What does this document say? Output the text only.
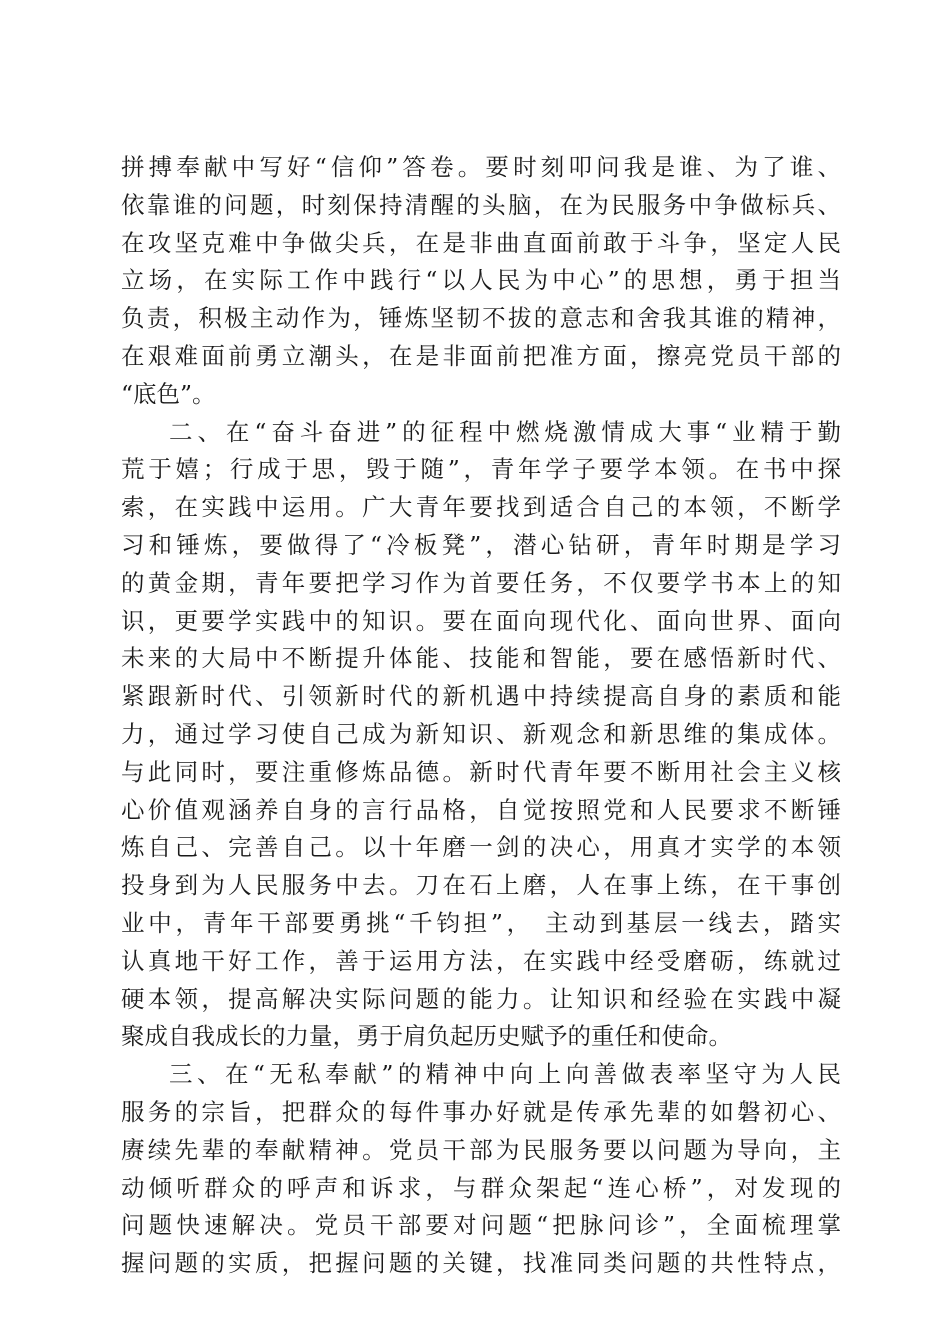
拼搏奉献中写好“信仰”答卷。要时刻叩问我是谁、为了谁、
依靠谁的问题，时刻保持清醒的头脑，在为民服务中争做标兵、
在攻坚克难中争做尖兵，在是非曲直面前敢于斗争，坚定人民
立场，在实际工作中践行“以人民为中心”的思想，勇于担当
负责，积极主动作为，锤炼坚韧不拔的意志和舍我其谁的精神，
在艰难面前勇立潮头，在是非面前把准方面，擦亮党员干部的
“底色”。
二、在“奋斗奋进”的征程中燃烧激情成大事“业精于勤
荒于嬉；行成于思，毁于随”，青年学子要学本领。在书中探
索，在实践中运用。广大青年要找到适合自己的本领，不断学
习和锤炼，要做得了“冷板凳”，潜心钻研，青年时期是学习
的黄金期，青年要把学习作为首要任务，不仅要学书本上的知
识，更要学实践中的知识。要在面向现代化、面向世界、面向
未来的大局中不断提升体能、技能和智能，要在感悟新时代、
紧跟新时代、引领新时代的新机遇中持续提高自身的素质和能
力，通过学习使自己成为新知识、新观念和新思维的集成体。
与此同时，要注重修炼品德。新时代青年要不断用社会主义核
心价值观涵养自身的言行品格，自觉按照党和人民要求不断锤
炼自己、完善自己。以十年磨一剑的决心，用真才实学的本领
投身到为人民服务中去。刀在石上磨，人在事上练，在干事创
业中，青年干部要勇挑“千钧担”， 主动到基层一线去，踏实
认真地干好工作，善于运用方法，在实践中经受磨砺，练就过
硬本领，提高解决实际问题的能力。让知识和经验在实践中凝
聚成自我成长的力量，勇于肩负起历史赋予的重任和使命。
三、在“无私奉献”的精神中向上向善做表率坚守为人民
服务的宗旨，把群众的每件事办好就是传承先辈的如磐初心、
赓续先辈的奉献精神。党员干部为民服务要以问题为导向，主
动倾听群众的呼声和诉求，与群众架起“连心桥”，对发现的
问题快速解决。党员干部要对问题“把脉问诊”，全面梳理掌
握问题的实质，把握问题的关键，找准同类问题的共性特点，
